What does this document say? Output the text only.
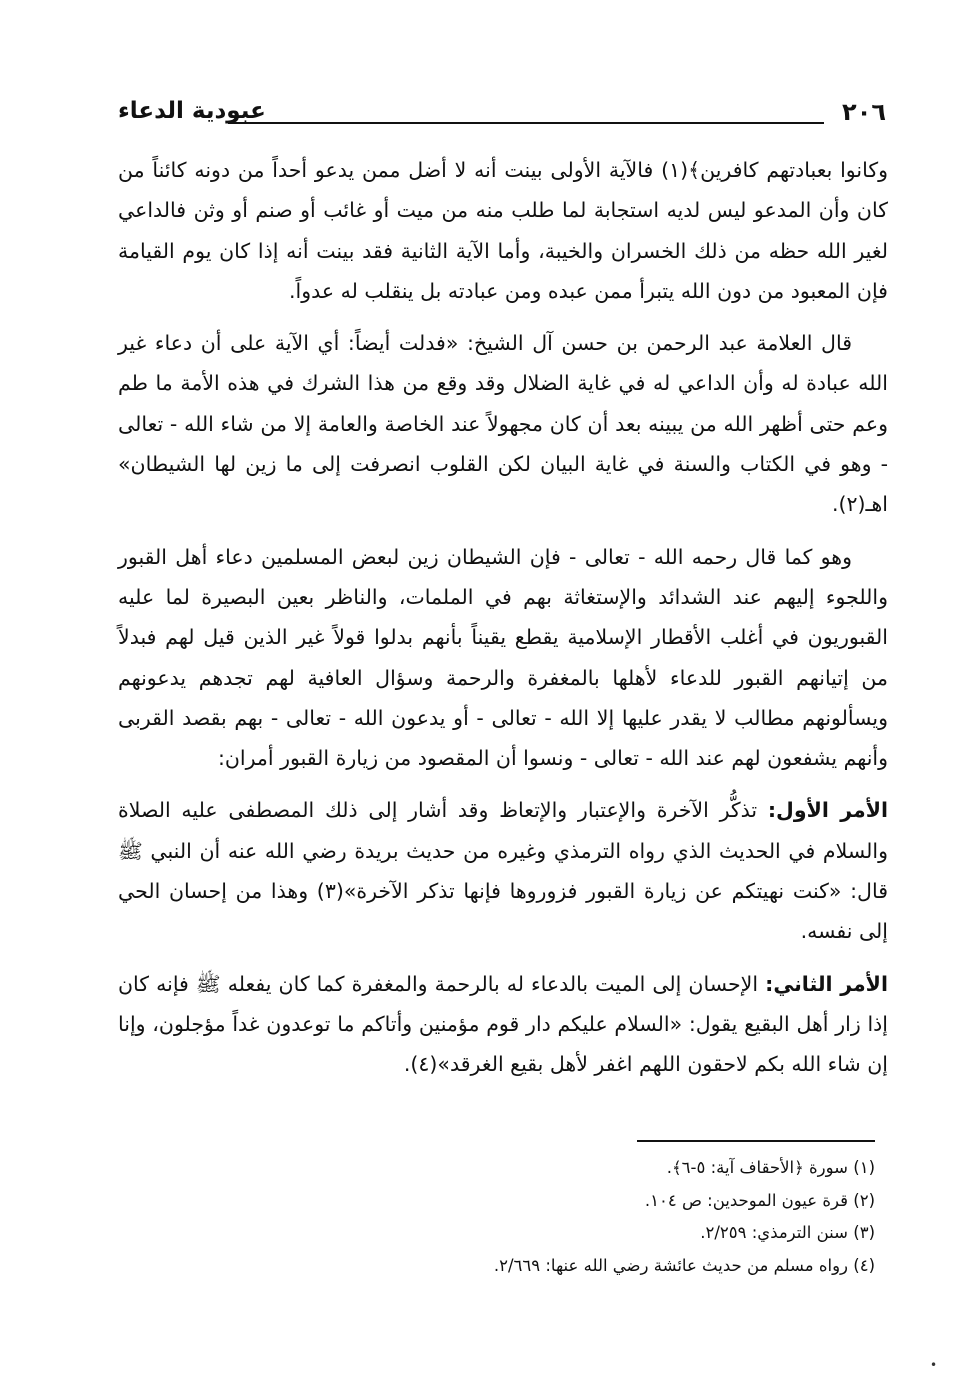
٢٠٦
عبودية الدعاء

وكانوا بعبادتهم كافرين﴾(١) فالآية الأولى بينت أنه لا أضل ممن يدعو أحداً من دونه كائناً من كان وأن المدعو ليس لديه استجابة لما طلب منه من ميت أو غائب أو صنم أو وثن فالداعي لغير الله حظه من ذلك الخسران والخيبة، وأما الآية الثانية فقد بينت أنه إذا كان يوم القيامة فإن المعبود من دون الله يتبرأ ممن عبده ومن عبادته بل ينقلب له عدواً.

قال العلامة عبد الرحمن بن حسن آل الشيخ: «فدلت أيضاً: أي الآية على أن دعاء غير الله عبادة له وأن الداعي له في غاية الضلال وقد وقع من هذا الشرك في هذه الأمة ما طم وعم حتى أظهر الله من يبينه بعد أن كان مجهولاً عند الخاصة والعامة إلا من شاء الله - تعالى - وهو في الكتاب والسنة في غاية البيان لكن القلوب انصرفت إلى ما زين لها الشيطان» اهـ(٢).

وهو كما قال رحمه الله - تعالى - فإن الشيطان زين لبعض المسلمين دعاء أهل القبور واللجوء إليهم عند الشدائد والإستغاثة بهم في الملمات، والناظر بعين البصيرة لما عليه القبوريون في أغلب الأقطار الإسلامية يقطع يقيناً بأنهم بدلوا قولاً غير الذين قيل لهم فبدلاً من إتيانهم القبور للدعاء لأهلها بالمغفرة والرحمة وسؤال العافية لهم تجدهم يدعونهم ويسألونهم مطالب لا يقدر عليها إلا الله - تعالى - أو يدعون الله - تعالى - بهم بقصد القربى وأنهم يشفعون لهم عند الله - تعالى - ونسوا أن المقصود من زيارة القبور أمران:

الأمر الأول: تذكُّر الآخرة والإعتبار والإتعاظ وقد أشار إلى ذلك المصطفى عليه الصلاة والسلام في الحديث الذي رواه الترمذي وغيره من حديث بريدة رضي الله عنه أن النبي ﷺ قال: «كنت نهيتكم عن زيارة القبور فزوروها فإنها تذكر الآخرة»(٣) وهذا من إحسان الحي إلى نفسه.

الأمر الثاني: الإحسان إلى الميت بالدعاء له بالرحمة والمغفرة كما كان يفعله ﷺ فإنه كان إذا زار أهل البقيع يقول: «السلام عليكم دار قوم مؤمنين وأتاكم ما توعدون غداً مؤجلون، وإنا إن شاء الله بكم لاحقون اللهم اغفر لأهل بقيع الغرقد»(٤).

(١) سورة ﴿الأحقاف آية: ٥-٦﴾.
(٢) قرة عيون الموحدين: ص ١٠٤.
(٣) سنن الترمذي: ٢/٢٥٩.
(٤) رواه مسلم من حديث عائشة رضي الله عنها: ٢/٦٦٩.
•
